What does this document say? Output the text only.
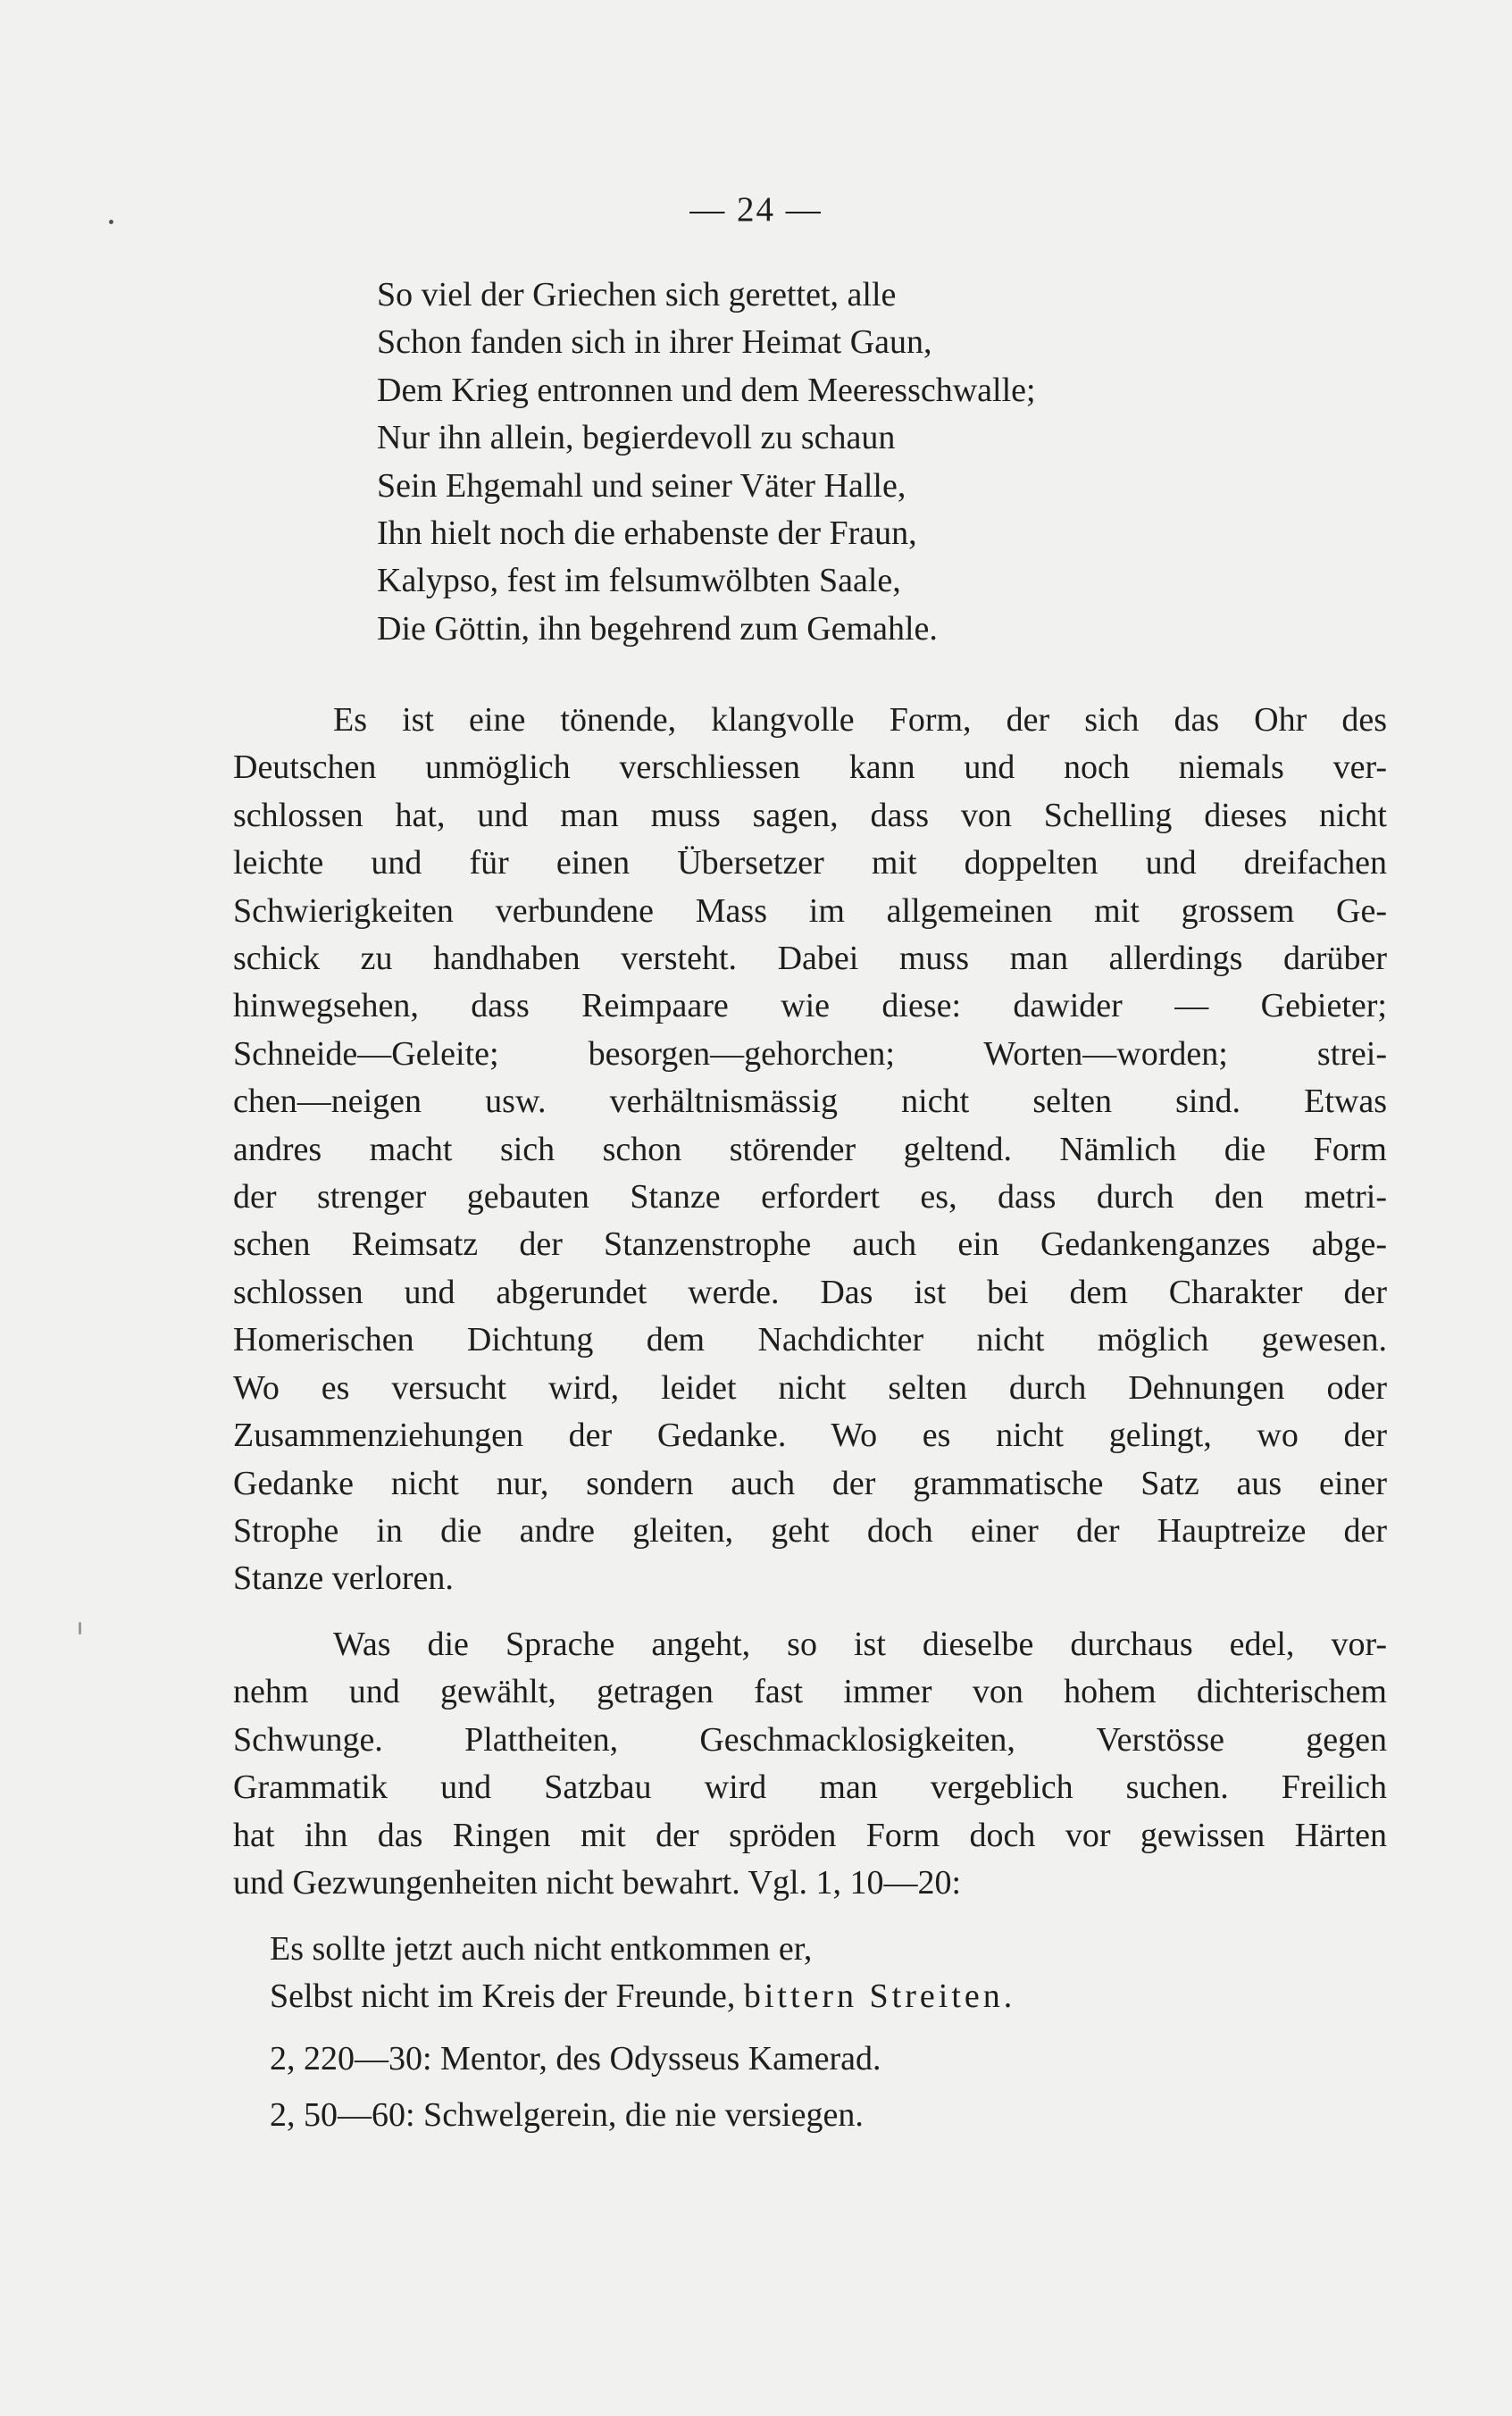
— 24 —
So viel der Griechen sich gerettet, alle
Schon fanden sich in ihrer Heimat Gaun,
Dem Krieg entronnen und dem Meeresschwalle;
Nur ihn allein, begierdevoll zu schaun
Sein Ehgemahl und seiner Väter Halle,
Ihn hielt noch die erhabenste der Fraun,
Kalypso, fest im felsumwölbten Saale,
Die Göttin, ihn begehrend zum Gemahle.
Es ist eine tönende, klangvolle Form, der sich das Ohr des
Deutschen unmöglich verschliessen kann und noch niemals ver-
schlossen hat, und man muss sagen, dass von Schelling dieses nicht
leichte und für einen Übersetzer mit doppelten und dreifachen
Schwierigkeiten verbundene Mass im allgemeinen mit grossem Ge-
schick zu handhaben versteht. Dabei muss man allerdings darüber
hinwegsehen, dass Reimpaare wie diese: dawider — Gebieter;
Schneide—Geleite; besorgen—gehorchen; Worten—worden; strei-
chen—neigen usw. verhältnismässig nicht selten sind. Etwas
andres macht sich schon störender geltend. Nämlich die Form
der strenger gebauten Stanze erfordert es, dass durch den metri-
schen Reimsatz der Stanzenstrophe auch ein Gedankenganzes abge-
schlossen und abgerundet werde. Das ist bei dem Charakter der
Homerischen Dichtung dem Nachdichter nicht möglich gewesen.
Wo es versucht wird, leidet nicht selten durch Dehnungen oder
Zusammenziehungen der Gedanke. Wo es nicht gelingt, wo der
Gedanke nicht nur, sondern auch der grammatische Satz aus einer
Strophe in die andre gleiten, geht doch einer der Hauptreize der
Stanze verloren.
Was die Sprache angeht, so ist dieselbe durchaus edel, vor-
nehm und gewählt, getragen fast immer von hohem dichterischem
Schwunge. Plattheiten, Geschmacklosigkeiten, Verstösse gegen
Grammatik und Satzbau wird man vergeblich suchen. Freilich
hat ihn das Ringen mit der spröden Form doch vor gewissen Härten
und Gezwungenheiten nicht bewahrt. Vgl. 1, 10—20:
Es sollte jetzt auch nicht entkommen er,
Selbst nicht im Kreis der Freunde, bittern Streiten.
2, 220—30: Mentor, des Odysseus Kamerad.
2, 50—60: Schwelgerein, die nie versiegen.
